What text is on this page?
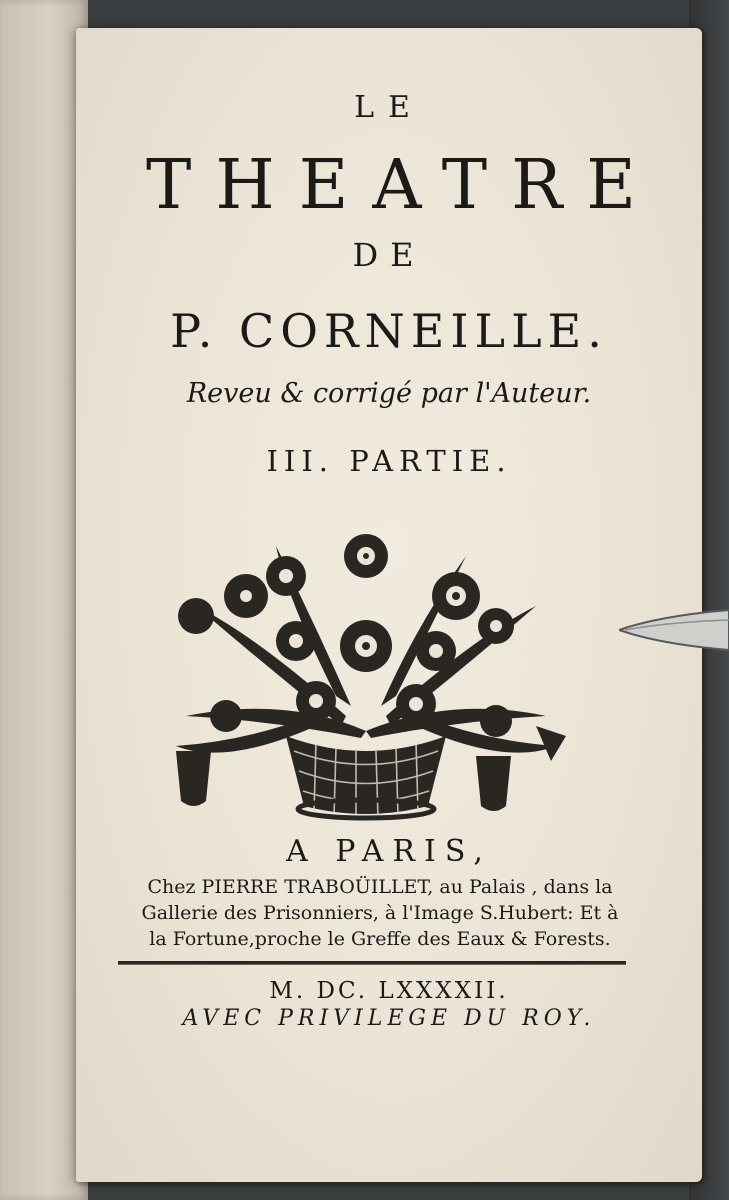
LE
THEATRE
DE
P. CORNEILLE.
Reveu & corrigé par l'Auteur.
III. PARTIE.
A PARIS,
Chez PIERRE TRABOÜILLET, au Palais , dans la
Gallerie des Prisonniers, à l'Image S.Hubert: Et à
la Fortune,proche le Greffe des Eaux & Forests.
M. DC. LXXXXII.
AVEC PRIVILEGE DU ROY.
